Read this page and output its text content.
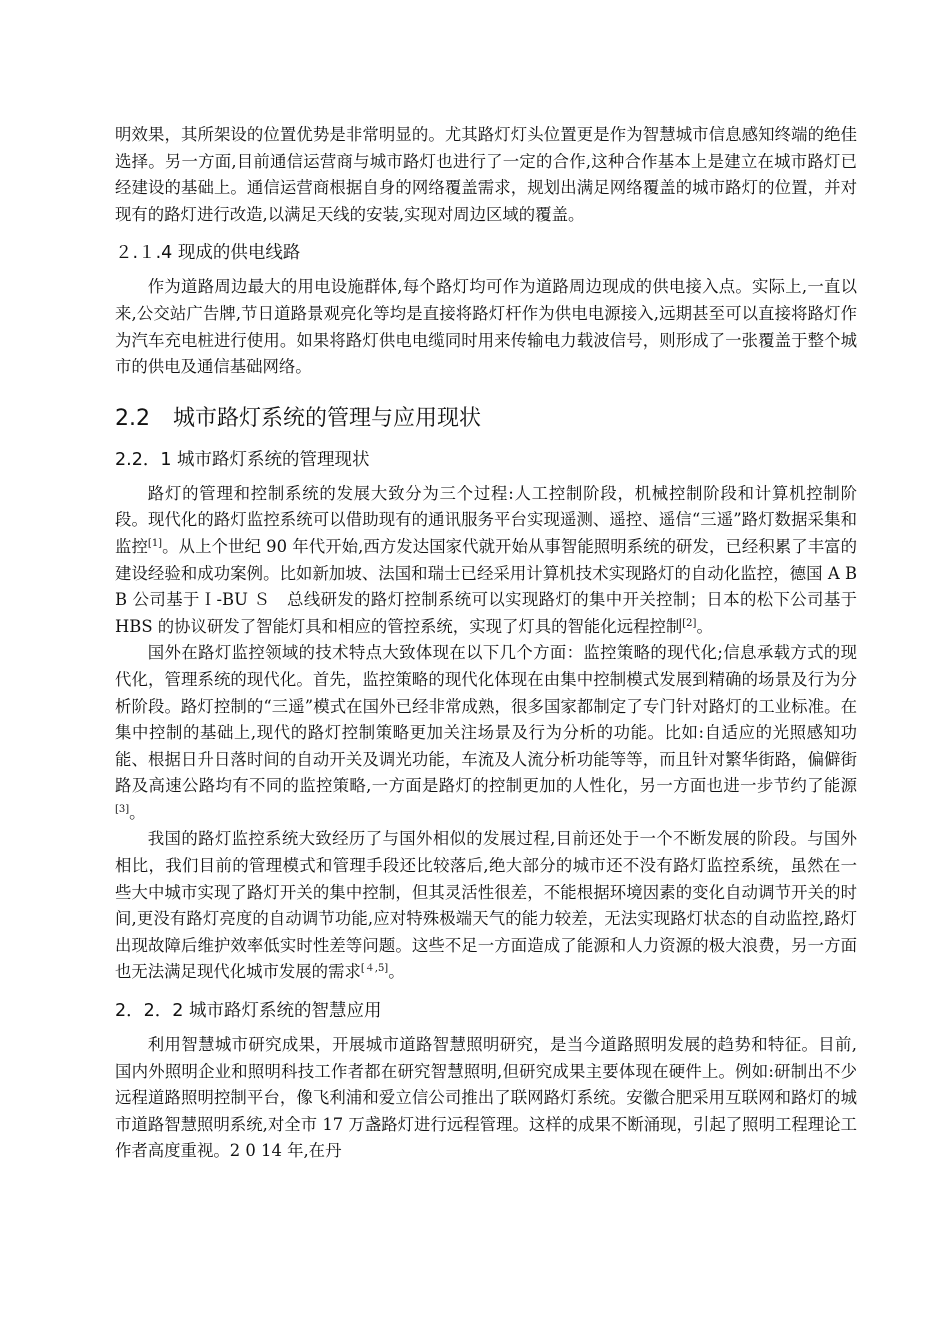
明效果，其所架设的位置优势是非常明显的。尤其路灯灯头位置更是作为智慧城市信息感知终端的绝佳选择。另一方面,目前通信运营商与城市路灯也进行了一定的合作,这种合作基本上是建立在城市路灯已经建设的基础上。通信运营商根据自身的网络覆盖需求，规划出满足网络覆盖的城市路灯的位置，并对现有的路灯进行改造,以满足天线的安装,实现对周边区域的覆盖。

２.１.4 现成的供电线路

作为道路周边最大的用电设施群体,每个路灯均可作为道路周边现成的供电接入点。实际上,一直以来,公交站广告牌,节日道路景观亮化等均是直接将路灯杆作为供电电源接入,远期甚至可以直接将路灯作为汽车充电桩进行使用。如果将路灯供电电缆同时用来传输电力载波信号，则形成了一张覆盖于整个城市的供电及通信基础网络。

2.2 城市路灯系统的管理与应用现状
2.2．1 城市路灯系统的管理现状

路灯的管理和控制系统的发展大致分为三个过程:人工控制阶段，机械控制阶段和计算机控制阶段。现代化的路灯监控系统可以借助现有的通讯服务平台实现遥测、遥控、遥信“三遥”路灯数据采集和监控[1]。从上个世纪 90 年代开始,西方发达国家代就开始从事智能照明系统的研发，已经积累了丰富的建设经验和成功案例。比如新加坡、法国和瑞士已经采用计算机技术实现路灯的自动化监控，德国 A B B 公司基于Ｉ-BU Ｓ　总线研发的路灯控制系统可以实现路灯的集中开关控制；日本的松下公司基于 HBS 的协议研发了智能灯具和相应的管控系统，实现了灯具的智能化远程控制[2]。

国外在路灯监控领域的技术特点大致体现在以下几个方面：监控策略的现代化;信息承载方式的现代化，管理系统的现代化。首先，监控策略的现代化体现在由集中控制模式发展到精确的场景及行为分析阶段。路灯控制的“三遥”模式在国外已经非常成熟，很多国家都制定了专门针对路灯的工业标准。在集中控制的基础上,现代的路灯控制策略更加关注场景及行为分析的功能。比如:自适应的光照感知功能、根据日升日落时间的自动开关及调光功能，车流及人流分析功能等等，而且针对繁华街路，偏僻街路及高速公路均有不同的监控策略,一方面是路灯的控制更加的人性化，另一方面也进一步节约了能源[3]。

我国的路灯监控系统大致经历了与国外相似的发展过程,目前还处于一个不断发展的阶段。与国外相比，我们目前的管理模式和管理手段还比较落后,绝大部分的城市还不没有路灯监控系统，虽然在一些大中城市实现了路灯开关的集中控制，但其灵活性很差，不能根据环境因素的变化自动调节开关的时间,更没有路灯亮度的自动调节功能,应对特殊极端天气的能力较差，无法实现路灯状态的自动监控,路灯出现故障后维护效率低实时性差等问题。这些不足一方面造成了能源和人力资源的极大浪费，另一方面也无法满足现代化城市发展的需求[４,5]。

2．2．2 城市路灯系统的智慧应用

利用智慧城市研究成果，开展城市道路智慧照明研究，是当今道路照明发展的趋势和特征。目前,国内外照明企业和照明科技工作者都在研究智慧照明,但研究成果主要体现在硬件上。例如:研制出不少远程道路照明控制平台，像飞利浦和爱立信公司推出了联网路灯系统。安徽合肥采用互联网和路灯的城市道路智慧照明系统,对全市 17 万盏路灯进行远程管理。这样的成果不断涌现，引起了照明工程理论工作者高度重视。2 0 14 年,在丹
